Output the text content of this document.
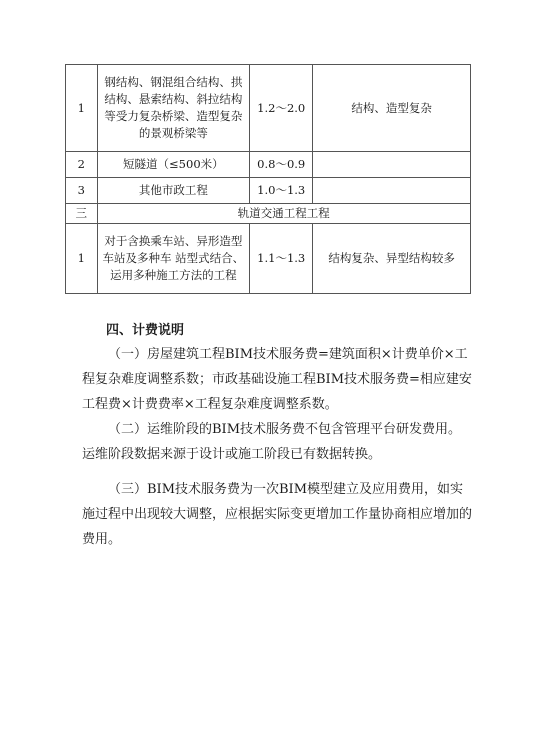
1	钢结构、钢混组合结构、拱结构、悬索结构、斜拉结构等受力复杂桥梁、造型复杂的景观桥梁等	1.2～2.0	结构、造型复杂
2	短隧道（≤500米）	0.8～0.9	
3	其他市政工程	1.0～1.3	
三	轨道交通工程工程		
1	对于含换乘车站、异形造型车站及多种车 站型式结合、运用多种施工方法的工程	1.1～1.3	结构复杂、异型结构较多
四、计费说明

（一）房屋建筑工程BIM技术服务费=建筑面积×计费单价×工程复杂难度调整系数；市政基础设施工程BIM技术服务费=相应建安工程费×计费费率×工程复杂难度调整系数。

（二）运维阶段的BIM技术服务费不包含管理平台研发费用。运维阶段数据来源于设计或施工阶段已有数据转换。

（三）BIM技术服务费为一次BIM模型建立及应用费用，如实施过程中出现较大调整，应根据实际变更增加工作量协商相应增加的费用。
